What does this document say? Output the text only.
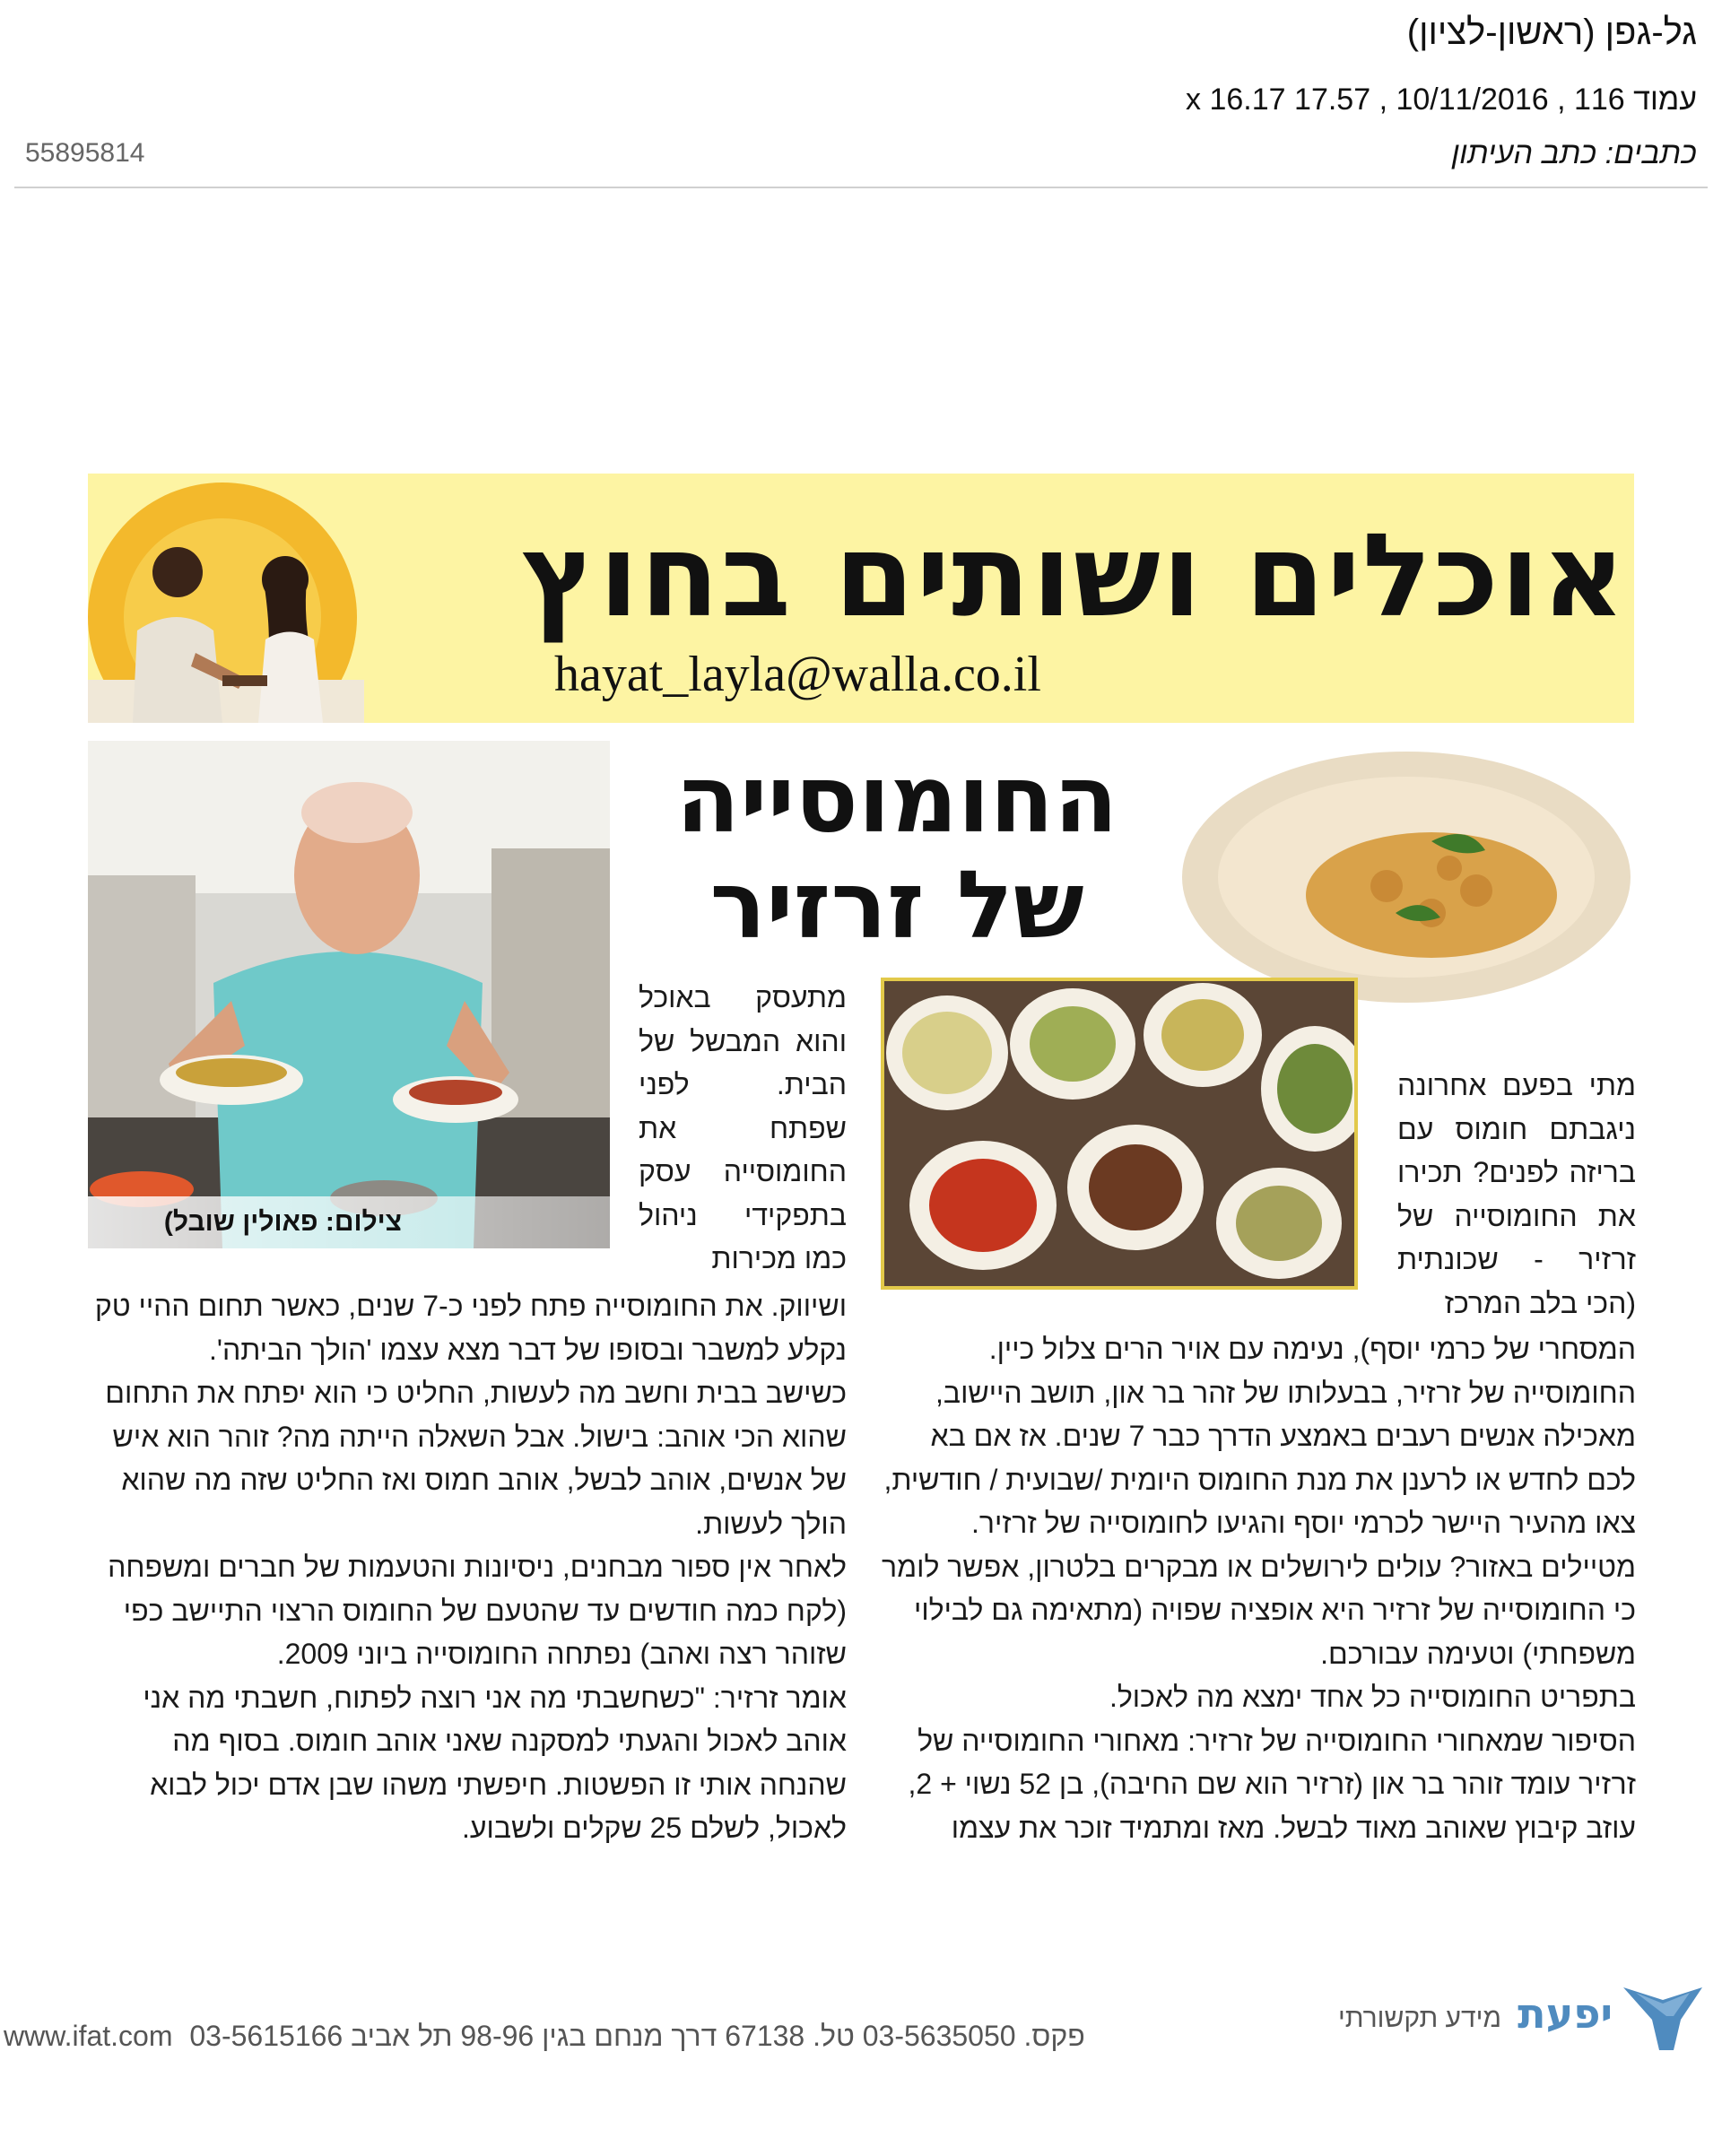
גל-גפן (ראשון-לציון)
עמוד 116 , 10/11/2016 , 17.57 x 16.17
כתבים: כתב העיתון
55895814
אוכלים ושותים בחוץ
hayat_layla@walla.co.il
צילום: פאולין שובל)
החומוסייה
של זרזיר

מתעסק באוכל והוא המבשל של הבית. לפני שפתח את החומוסייה עסק בתפקידי ניהול כמו מכירות

מתי בפעם אחרונה ניגבתם חומוס עם בריזה לפנים? תכירו את החומוסייה של זרזיר - שכונתית (הכי בלב המרכז

המסחרי של כרמי יוסף), נעימה עם אויר הרים צלול כיין. החומוסייה של זרזיר, בבעלותו של זהר בר און, תושב היישוב, מאכילה אנשים רעבים באמצע הדרך כבר 7 שנים. אז אם בא לכם לחדש או לרענן את מנת החומוס היומית /שבועית / חודשית, צאו מהעיר היישר לכרמי יוסף והגיעו לחומוסייה של זרזיר.

מטיילים באזור? עולים לירושלים או מבקרים בלטרון, אפשר לומר כי החומוסייה של זרזיר היא אופציה שפויה (מתאימה גם לבילוי משפחתי) וטעימה עבורכם.

בתפריט החומוסייה כל אחד ימצא מה לאכול.

הסיפור שמאחורי החומוסייה של זרזיר: מאחורי החומוסייה של זרזיר עומד זוהר בר און (זרזיר הוא שם החיבה), בן 52 נשוי + 2, עוזב קיבוץ שאוהב מאוד לבשל. מאז ומתמיד זוכר את עצמו

ושיווק. את החומוסייה פתח לפני כ-7 שנים, כאשר תחום ההיי טק נקלע למשבר ובסופו של דבר מצא עצמו 'הולך הביתה'.

כשישב בבית וחשב מה לעשות, החליט כי הוא יפתח את התחום שהוא הכי אוהב: בישול. אבל השאלה הייתה מה? זוהר הוא איש של אנשים, אוהב לבשל, אוהב חמוס ואז החליט שזה מה שהוא הולך לעשות.

לאחר אין ספור מבחנים, ניסיונות והטעמות של חברים ומשפחה (לקח כמה חודשים עד שהטעם של החומוס הרצוי התיישב כפי שזוהר רצה ואהב) נפתחה החומוסייה ביוני 2009.

אומר זרזיר: "כשחשבתי מה אני רוצה לפתוח, חשבתי מה אני אוהב לאכול והגעתי למסקנה שאני אוהב חומוס. בסוף מה שהנחה אותי זו הפשטות. חיפשתי משהו שבן אדם יכול לבוא לאכול, לשלם 25 שקלים ולשבוע.

www.ifat.com 03-5615166 פקס. 03-5635050 טל. 67138 דרך מנחם בגין 98-96 תל אביב
מידע תקשורתי יפעת
